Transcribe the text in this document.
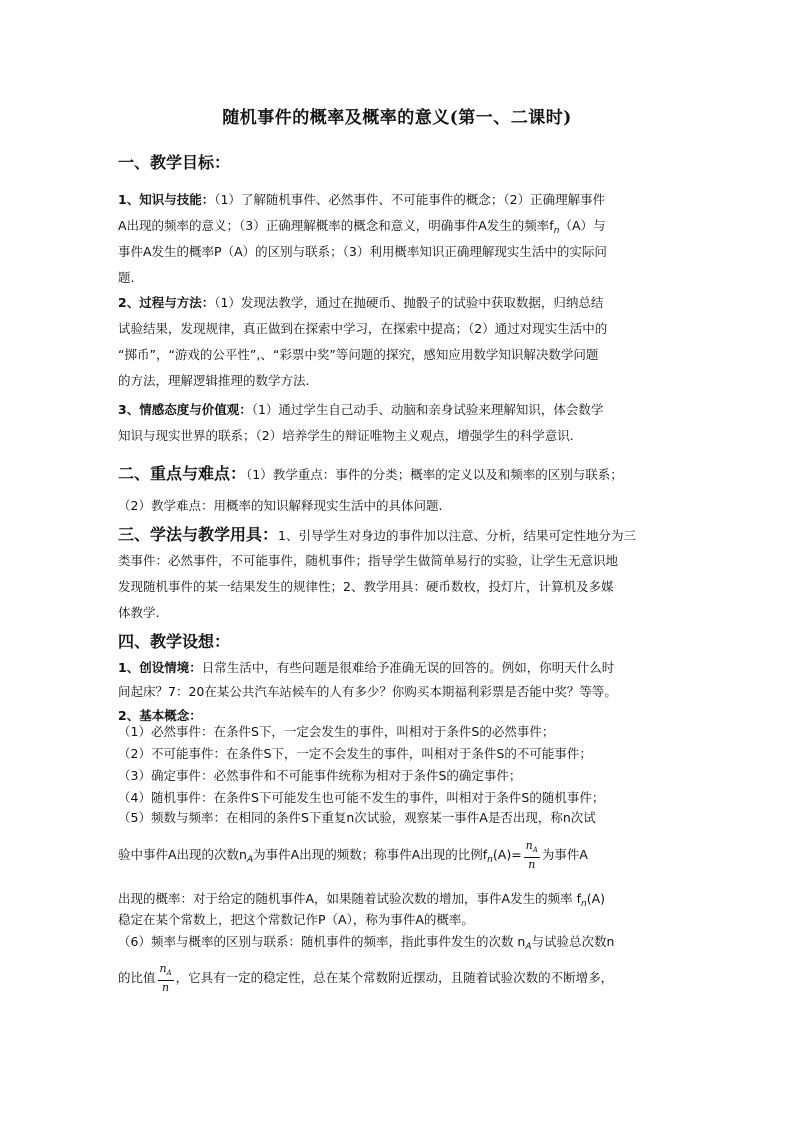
随机事件的概率及概率的意义(第一、二课时)
一、教学目标：
1、知识与技能：（1）了解随机事件、必然事件、不可能事件的概念；（2）正确理解事件
A出现的频率的意义；（3）正确理解概率的概念和意义，明确事件A发生的频率$f_n(A)$与
事件A发生的概率P（A）的区别与联系；（3）利用概率知识正确理解现实生活中的实际问
题.
2、过程与方法：（1）发现法教学，通过在抛硬币、抛骰子的试验中获取数据，归纳总结
试验结果，发现规律，真正做到在探索中学习，在探索中提高；（2）通过对现实生活中的
“掷币”，“游戏的公平性”,、“彩票中奖”等问题的探究，感知应用数学知识解决数学问题
的方法，理解逻辑推理的数学方法.
3、情感态度与价值观：（1）通过学生自己动手、动脑和亲身试验来理解知识，体会数学
知识与现实世界的联系；（2）培养学生的辩证唯物主义观点，增强学生的科学意识.
二、重点与难点：（1）教学重点：事件的分类；概率的定义以及和频率的区别与联系；
（2）教学难点：用概率的知识解释现实生活中的具体问题.
三、学法与教学用具：1、引导学生对身边的事件加以注意、分析，结果可定性地分为三
类事件：必然事件，不可能事件，随机事件；指导学生做简单易行的实验，让学生无意识地
发现随机事件的某一结果发生的规律性；2、教学用具：硬币数枚，投灯片，计算机及多媒
体教学.
四、教学设想：
1、创设情境：日常生活中，有些问题是很难给予准确无误的回答的。例如，你明天什么时
间起床？7：20在某公共汽车站候车的人有多少？你购买本期福利彩票是否能中奖？等等。
2、基本概念：
（1）必然事件：在条件S下，一定会发生的事件，叫相对于条件S的必然事件；
（2）不可能事件：在条件S下，一定不会发生的事件，叫相对于条件S的不可能事件；
（3）确定事件：必然事件和不可能事件统称为相对于条件S的确定事件；
（4）随机事件：在条件S下可能发生也可能不发生的事件，叫相对于条件S的随机事件；
（5）频数与频率：在相同的条件S下重复n次试验，观察某一事件A是否出现，称n次试
验中事件A出现的次数$n_A$为事件A出现的频数；称事件A出现的比例$f_n(A)= \frac{n_A}{n}$ 为事件A
出现的概率：对于给定的随机事件A，如果随着试验次数的增加，事件A发生的频率 $f_n(A)$
稳定在某个常数上，把这个常数记作P（A），称为事件A的概率。
（6）频率与概率的区别与联系：随机事件的频率，指此事件发生的次数 $n_A$与试验总次数n
的比值 $\frac{n_A}{n}$ ，它具有一定的稳定性，总在某个常数附近摆动，且随着试验次数的不断增多，
